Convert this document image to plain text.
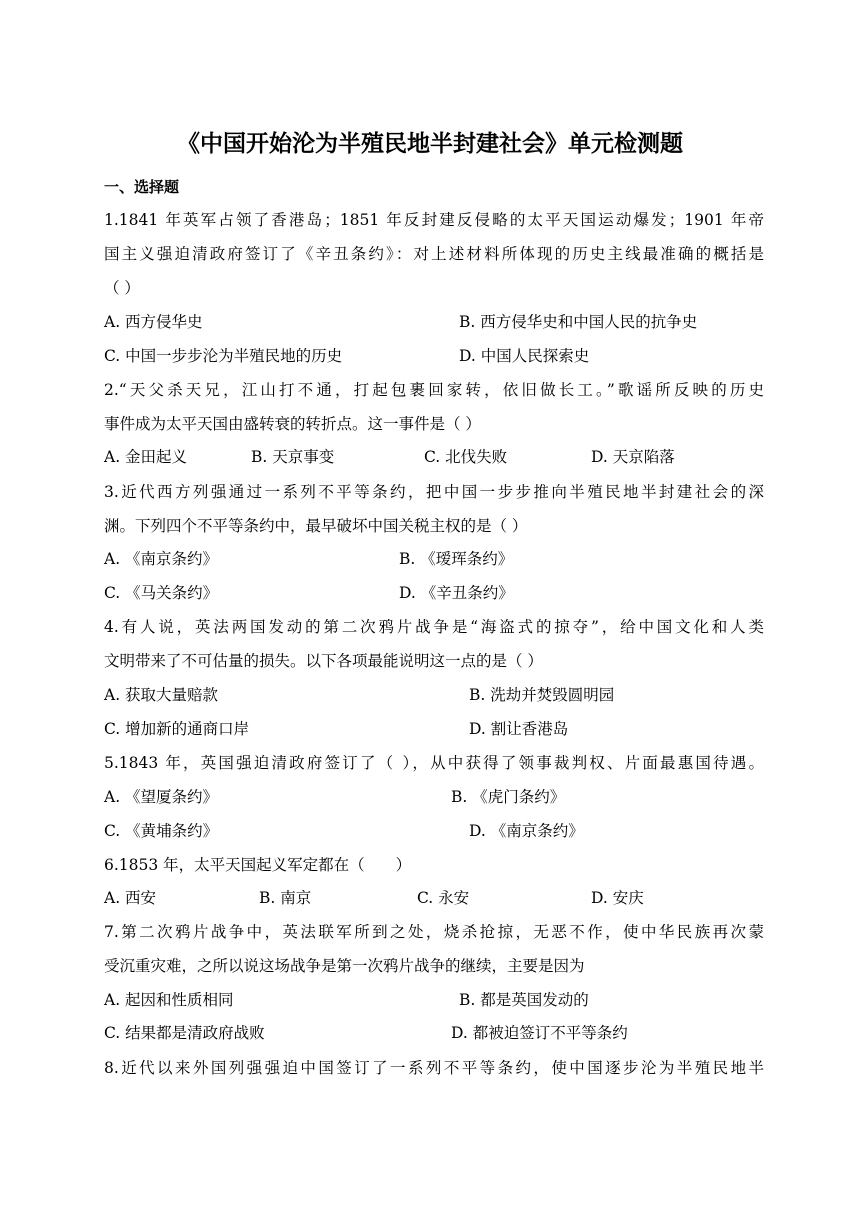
《中国开始沦为半殖民地半封建社会》单元检测题
一、选择题
1.1841 年英军占领了香港岛；1851 年反封建反侵略的太平天国运动爆发；1901 年帝
国主义强迫清政府签订了《辛丑条约》：对上述材料所体现的历史主线最准确的概括是
（ ）
A. 西方侵华史	B. 西方侵华史和中国人民的抗争史
C. 中国一步步沦为半殖民地的历史	D. 中国人民探索史
2.“天父杀天兄，江山打不通，打起包裹回家转，依旧做长工。”歌谣所反映的历史
事件成为太平天国由盛转衰的转折点。这一事件是（ ）
A. 金田起义	B. 天京事变	C. 北伐失败	D. 天京陷落
3.近代西方列强通过一系列不平等条约，把中国一步步推向半殖民地半封建社会的深
渊。下列四个不平等条约中，最早破坏中国关税主权的是（ ）
A. 《南京条约》	B. 《瑷珲条约》
C. 《马关条约》	D. 《辛丑条约》
4.有人说，英法两国发动的第二次鸦片战争是“海盗式的掠夺”，给中国文化和人类
文明带来了不可估量的损失。以下各项最能说明这一点的是（ ）
A. 获取大量赔款	B. 洗劫并焚毁圆明园
C. 增加新的通商口岸	D. 割让香港岛
5.1843 年，英国强迫清政府签订了（ ），从中获得了领事裁判权、片面最惠国待遇。
A. 《望厦条约》	B. 《虎门条约》
C. 《黄埔条约》	D. 《南京条约》
6.1853 年，太平天国起义军定都在（　　）
A. 西安	B. 南京	C. 永安	D. 安庆
7.第二次鸦片战争中，英法联军所到之处，烧杀抢掠，无恶不作，使中华民族再次蒙
受沉重灾难，之所以说这场战争是第一次鸦片战争的继续，主要是因为
A. 起因和性质相同	B. 都是英国发动的
C. 结果都是清政府战败	D. 都被迫签订不平等条约
8.近代以来外国列强强迫中国签订了一系列不平等条约，使中国逐步沦为半殖民地半
